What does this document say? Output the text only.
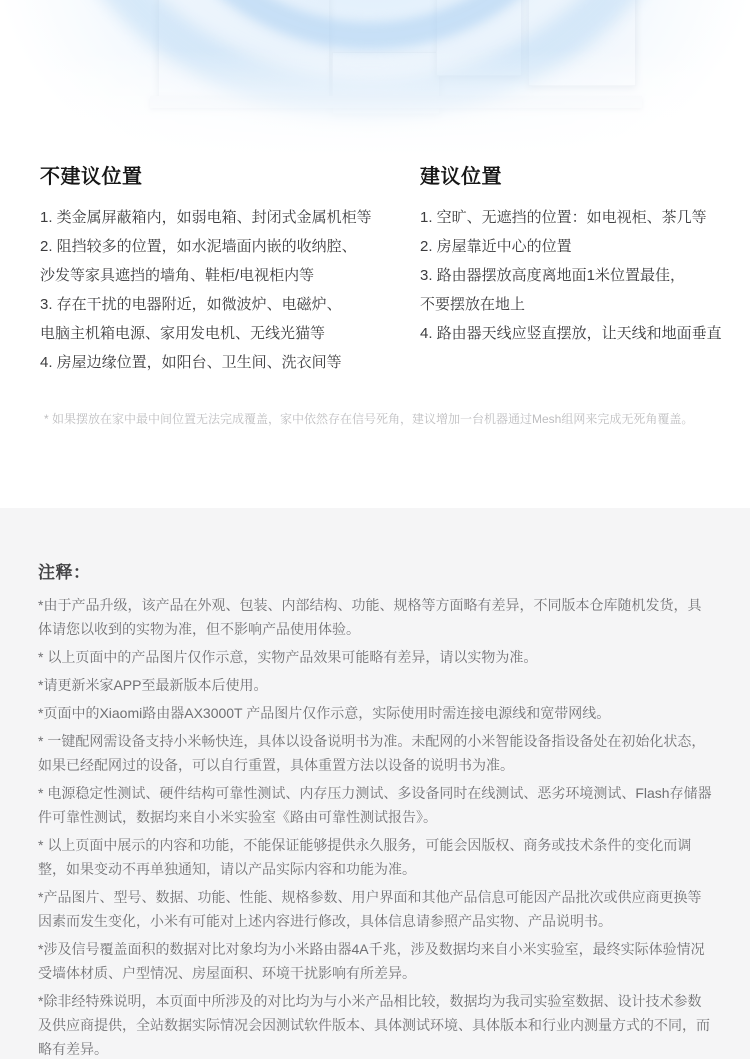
不建议位置

1. 类金属屏蔽箱内，如弱电箱、封闭式金属机柜等

2. 阻挡较多的位置，如水泥墙面内嵌的收纳腔、

沙发等家具遮挡的墙角、鞋柜/电视柜内等

3. 存在干扰的电器附近，如微波炉、电磁炉、

电脑主机箱电源、家用发电机、无线光猫等

4. 房屋边缘位置，如阳台、卫生间、洗衣间等

建议位置

1. 空旷、无遮挡的位置：如电视柜、茶几等

2. 房屋靠近中心的位置

3. 路由器摆放高度离地面1米位置最佳，

不要摆放在地上

4. 路由器天线应竖直摆放，让天线和地面垂直

* 如果摆放在家中最中间位置无法完成覆盖，家中依然存在信号死角，建议增加一台机器通过Mesh组网来完成无死角覆盖。

注释：

*由于产品升级，该产品在外观、包装、内部结构、功能、规格等方面略有差异，不同版本仓库随机发货，具体请您以收到的实物为准，但不影响产品使用体验。

* 以上页面中的产品图片仅作示意，实物产品效果可能略有差异，请以实物为准。

*请更新米家APP至最新版本后使用。

*页面中的Xiaomi路由器AX3000T 产品图片仅作示意，实际使用时需连接电源线和宽带网线。

* 一键配网需设备支持小米畅快连，具体以设备说明书为准。未配网的小米智能设备指设备处在初始化状态，如果已经配网过的设备，可以自行重置，具体重置方法以设备的说明书为准。

* 电源稳定性测试、硬件结构可靠性测试、内存压力测试、多设备同时在线测试、恶劣环境测试、Flash存储器件可靠性测试，数据均来自小米实验室《路由可靠性测试报告》。

* 以上页面中展示的内容和功能，不能保证能够提供永久服务，可能会因版权、商务或技术条件的变化而调整，如果变动不再单独通知，请以产品实际内容和功能为准。

*产品图片、型号、数据、功能、性能、规格参数、用户界面和其他产品信息可能因产品批次或供应商更换等因素而发生变化，小米有可能对上述内容进行修改，具体信息请参照产品实物、产品说明书。

*涉及信号覆盖面积的数据对比对象均为小米路由器4A千兆，涉及数据均来自小米实验室，最终实际体验情况受墙体材质、户型情况、房屋面积、环境干扰影响有所差异。

*除非经特殊说明，本页面中所涉及的对比均为与小米产品相比较，数据均为我司实验室数据、设计技术参数及供应商提供，全站数据实际情况会因测试软件版本、具体测试环境、具体版本和行业内测量方式的不同，而略有差异。
